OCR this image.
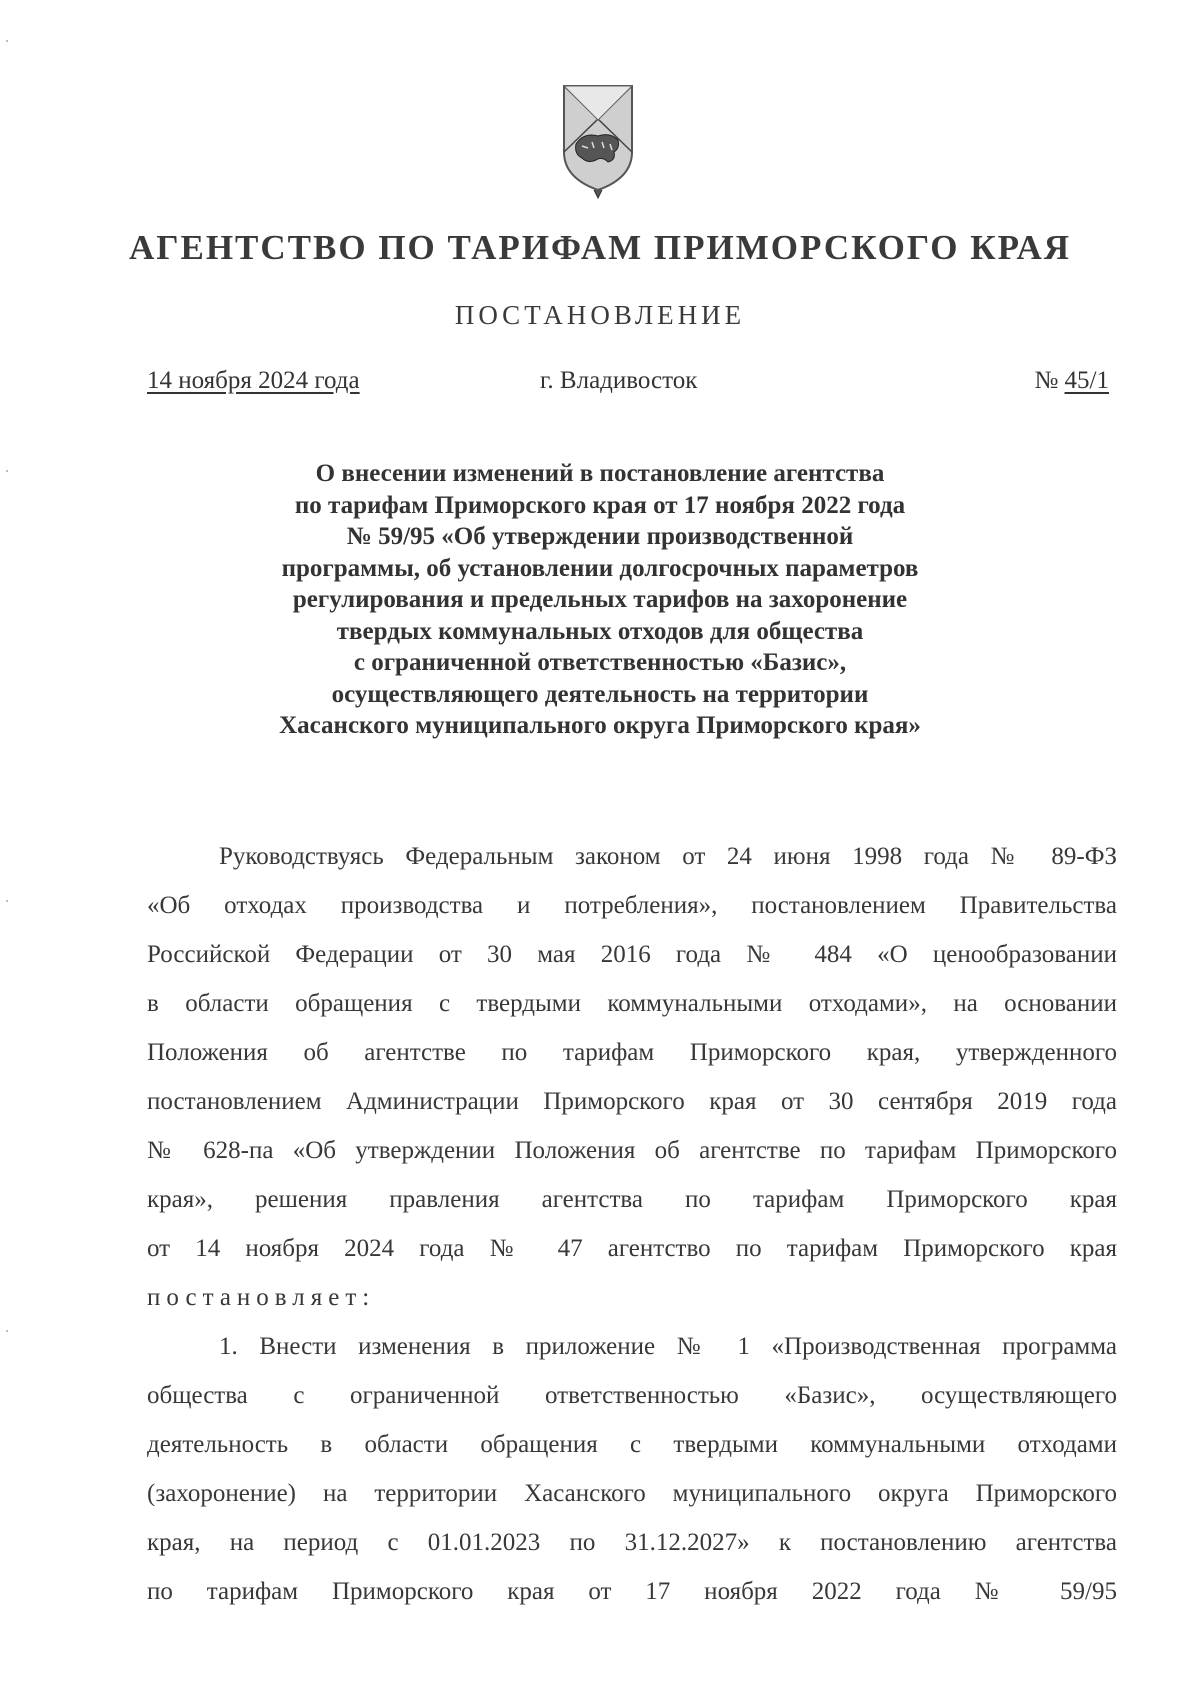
АГЕНТСТВО ПО ТАРИФАМ ПРИМОРСКОГО КРАЯ
ПОСТАНОВЛЕНИЕ
14 ноября 2024 года	г. Владивосток	№ 45/1
О внесении изменений в постановление агентства
по тарифам Приморского края от 17 ноября 2022 года
№ 59/95 «Об утверждении производственной
программы, об установлении долгосрочных параметров
регулирования и предельных тарифов на захоронение
твердых коммунальных отходов для общества
с ограниченной ответственностью «Базис»,
осуществляющего деятельность на территории
Хасанского муниципального округа Приморского края»
Руководствуясь Федеральным законом от 24 июня 1998 года № 89-ФЗ
«Об отходах производства и потребления», постановлением Правительства
Российской Федерации от 30 мая 2016 года № 484 «О ценообразовании
в области обращения с твердыми коммунальными отходами», на основании
Положения об агентстве по тарифам Приморского края, утвержденного
постановлением Администрации Приморского края от 30 сентября 2019 года
№ 628-па «Об утверждении Положения об агентстве по тарифам Приморского
края», решения правления агентства по тарифам Приморского края
от 14 ноября 2024 года № 47 агентство по тарифам Приморского края
постановляет:
1. Внести изменения в приложение № 1 «Производственная программа
общества с ограниченной ответственностью «Базис», осуществляющего
деятельность в области обращения с твердыми коммунальными отходами
(захоронение) на территории Хасанского муниципального округа Приморского
края, на период с 01.01.2023 по 31.12.2027» к постановлению агентства
по тарифам Приморского края от 17 ноября 2022 года № 59/95
